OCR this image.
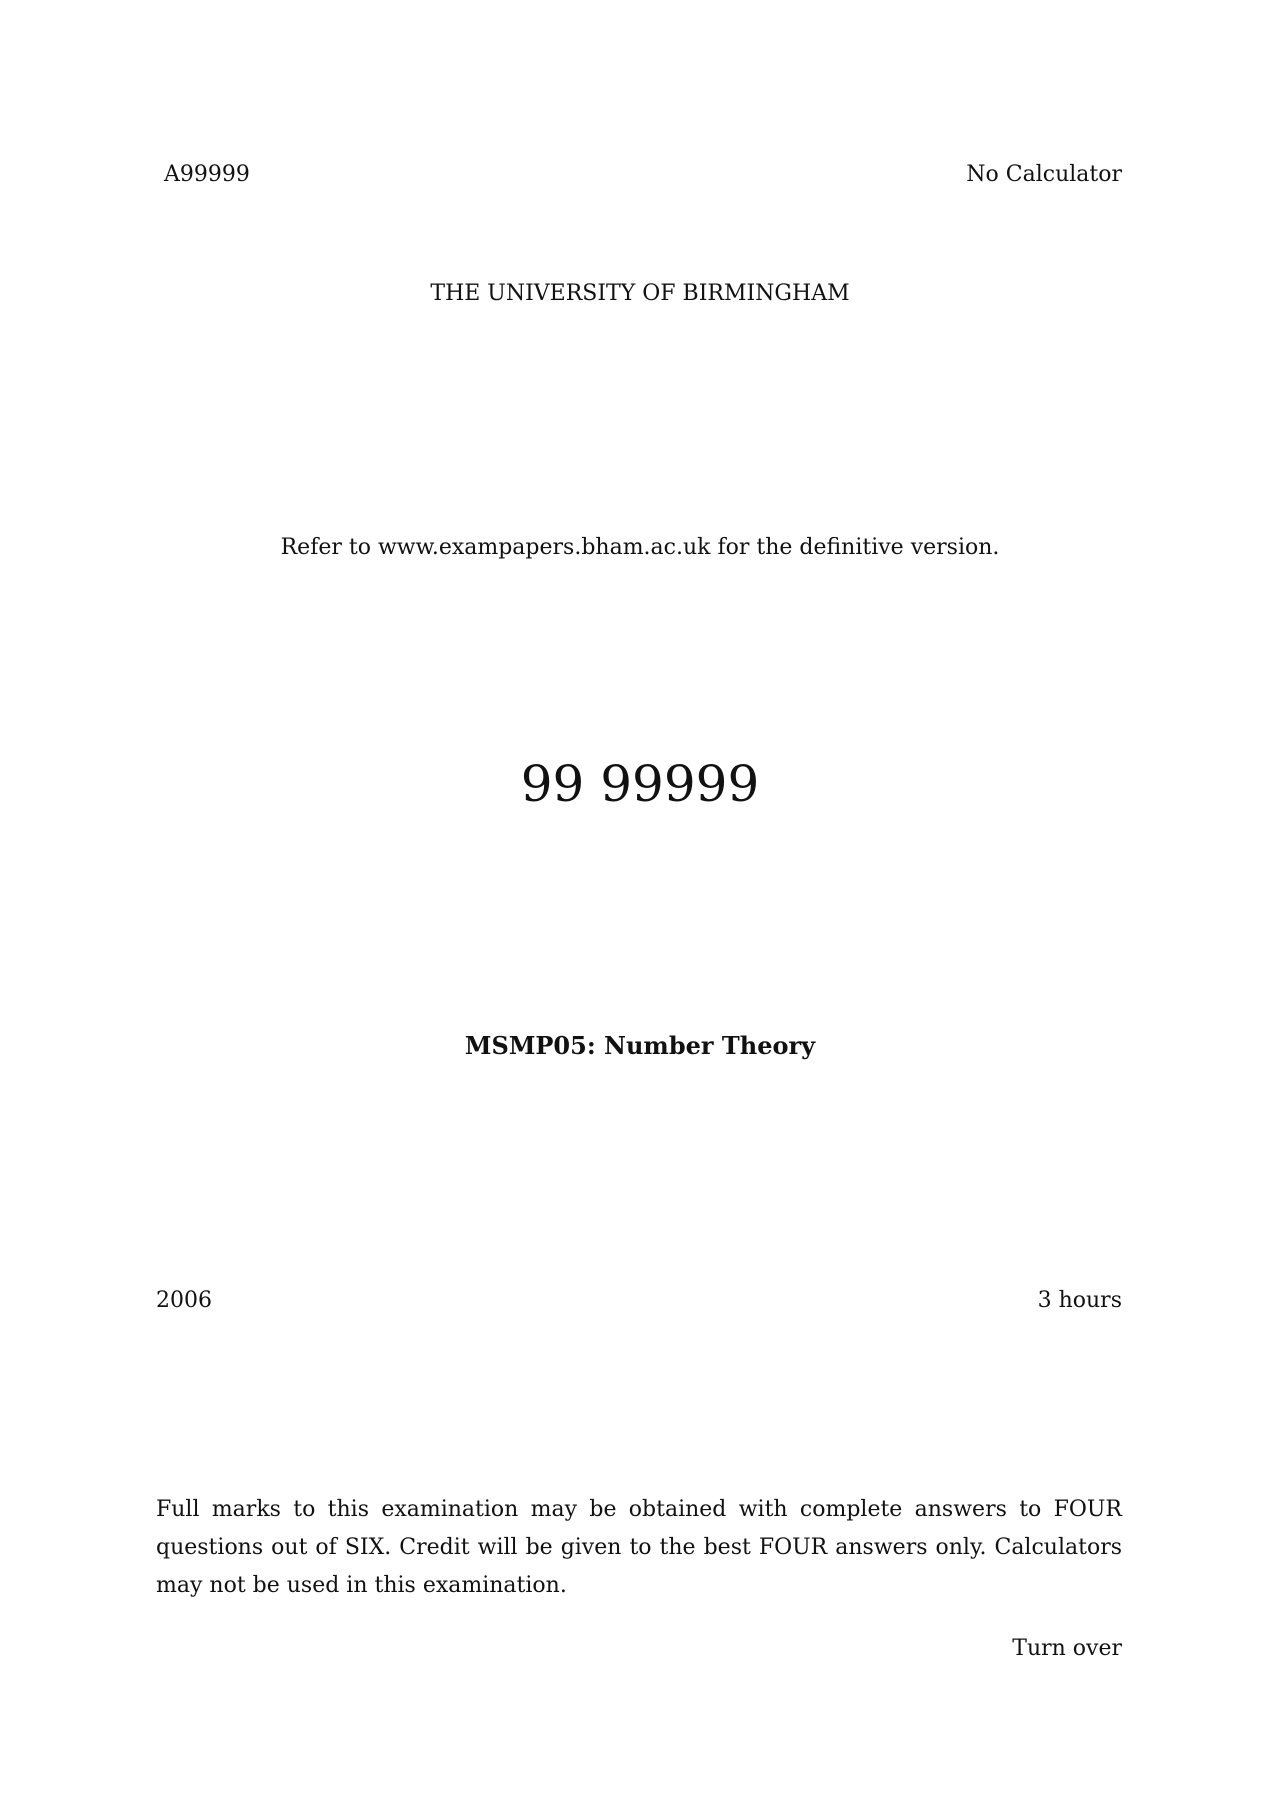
A99999	No Calculator
THE UNIVERSITY OF BIRMINGHAM
Refer to www.exampapers.bham.ac.uk for the definitive version.
99 99999
MSMP05: Number Theory
2006	3 hours
Full marks to this examination may be obtained with complete answers to FOUR questions out of SIX. Credit will be given to the best FOUR answers only. Calculators may not be used in this examination.
Turn over
